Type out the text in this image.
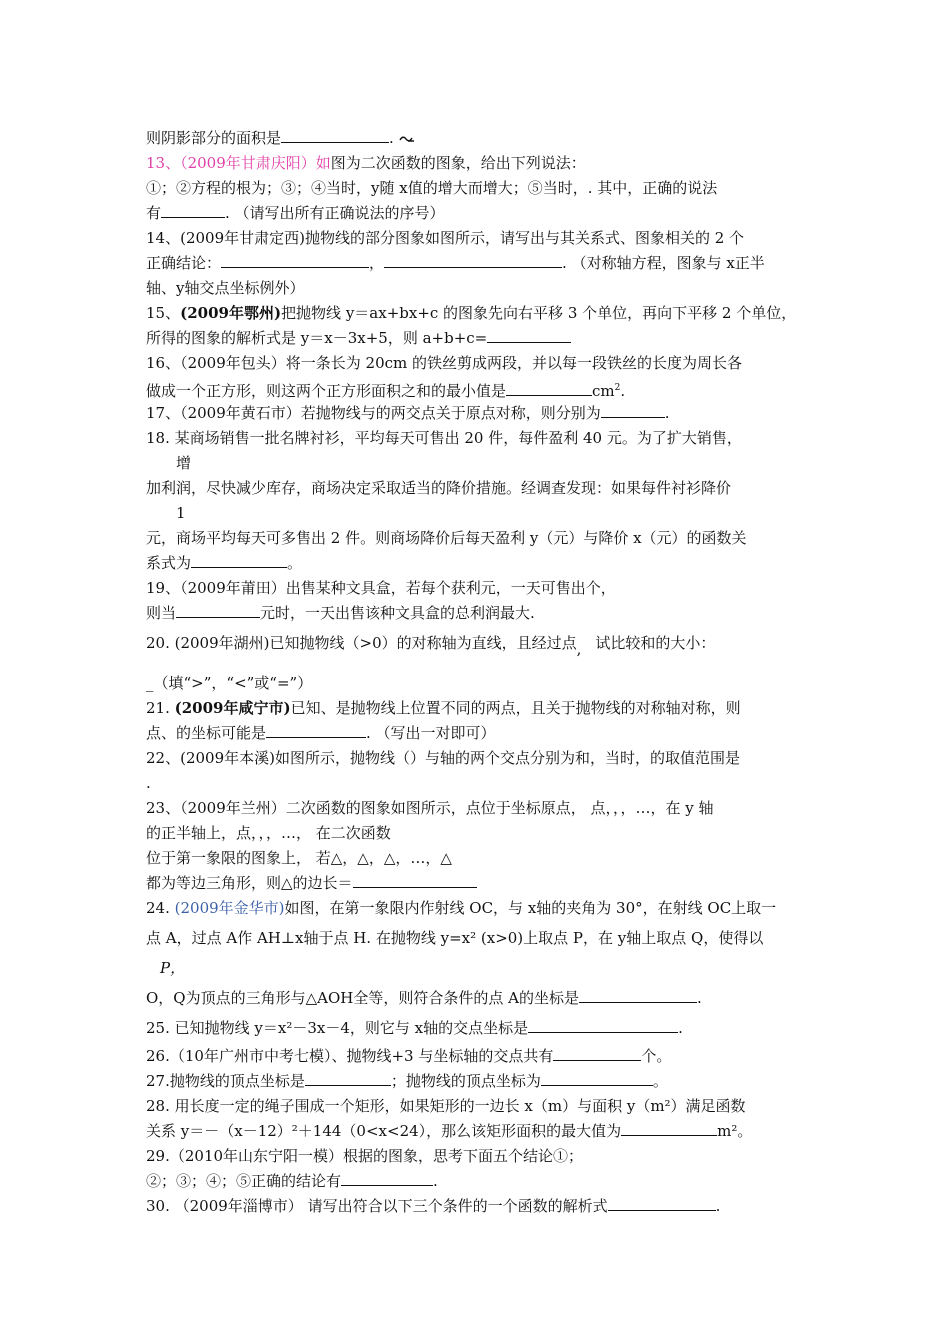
则阴影部分的面积是	.
13、（2009年甘肃庆阳）如图为二次函数的图象，给出下列说法：
①；②方程的根为；③；④当时，y随 x值的增大而增大；⑤当时，. 其中，正确的说法
有	. （请写出所有正确说法的序号）
14、(2009年甘肃定西)抛物线的部分图象如图所示，请写出与其关系式、图象相关的 2 个
正确结论：	，	. （对称轴方程，图象与 x正半
轴、y轴交点坐标例外）
15、(2009年鄂州)把抛物线 y＝ax+bx+c 的图象先向右平移 3 个单位，再向下平移 2 个单位，
所得的图象的解析式是 y＝x－3x+5，则 a+b+c=
16、（2009年包头）将一条长为 20cm 的铁丝剪成两段，并以每一段铁丝的长度为周长各
做成一个正方形，则这两个正方形面积之和的最小值是	$cm^2$.
17、（2009年黄石市）若抛物线与的两交点关于原点对称，则分别为	.
18. 某商场销售一批名牌衬衫，平均每天可售出 20 件，每件盈利 40 元。为了扩大销售，
增
加利润，尽快减少库存，商场决定采取适当的降价措施。经调查发现：如果每件衬衫降价
1
元，商场平均每天可多售出 2 件。则商场降价后每天盈利 y（元）与降价 x（元）的函数关
系式为	。
19、（2009年莆田）出售某种文具盒，若每个获利元，一天可售出个，
则当	元时，一天出售该种文具盒的总利润最大.
20. (2009年湖州)已知抛物线（>0）的对称轴为直线，且经过点, 试比较和的大小：
_（填“>”，“<”或“=”）
21. (2009年咸宁市)已知、是抛物线上位置不同的两点，且关于抛物线的对称轴对称，则
点、的坐标可能是	. （写出一对即可）
22、(2009年本溪)如图所示，抛物线（）与轴的两个交点分别为和，当时，的取值范围是
.
23、（2009年兰州）二次函数的图象如图所示，点位于坐标原点， 点，，，…，在 y 轴
的正半轴上，点，，，…， 在二次函数
位于第一象限的图象上， 若△，△，△，…，△
都为等边三角形，则△的边长＝
24. (2009年金华市)如图，在第一象限内作射线 OC，与 x轴的夹角为 30°，在射线 OC上取一
点 A，过点 A作 AH⊥x轴于点 H. 在抛物线 y=x² (x>0)上取点 P，在 y轴上取点 Q，使得以
P，
O，Q为顶点的三角形与△AOH全等，则符合条件的点 A的坐标是	.
25. 已知抛物线 y＝x²－3x－4，则它与 x轴的交点坐标是	.
26.（10年广州市中考七模）、抛物线+3 与坐标轴的交点共有	个。
27.抛物线的顶点坐标是	；抛物线的顶点坐标为	。
28. 用长度一定的绳子围成一个矩形，如果矩形的一边长 x（m）与面积 y（m²）满足函数
关系 y＝－（x－12）²＋144（0<x<24），那么该矩形面积的最大值为	m²。
29.（2010年山东宁阳一模）根据的图象，思考下面五个结论①；
②；③；④；⑤正确的结论有	.
30. （2009年淄博市） 请写出符合以下三个条件的一个函数的解析式	.
